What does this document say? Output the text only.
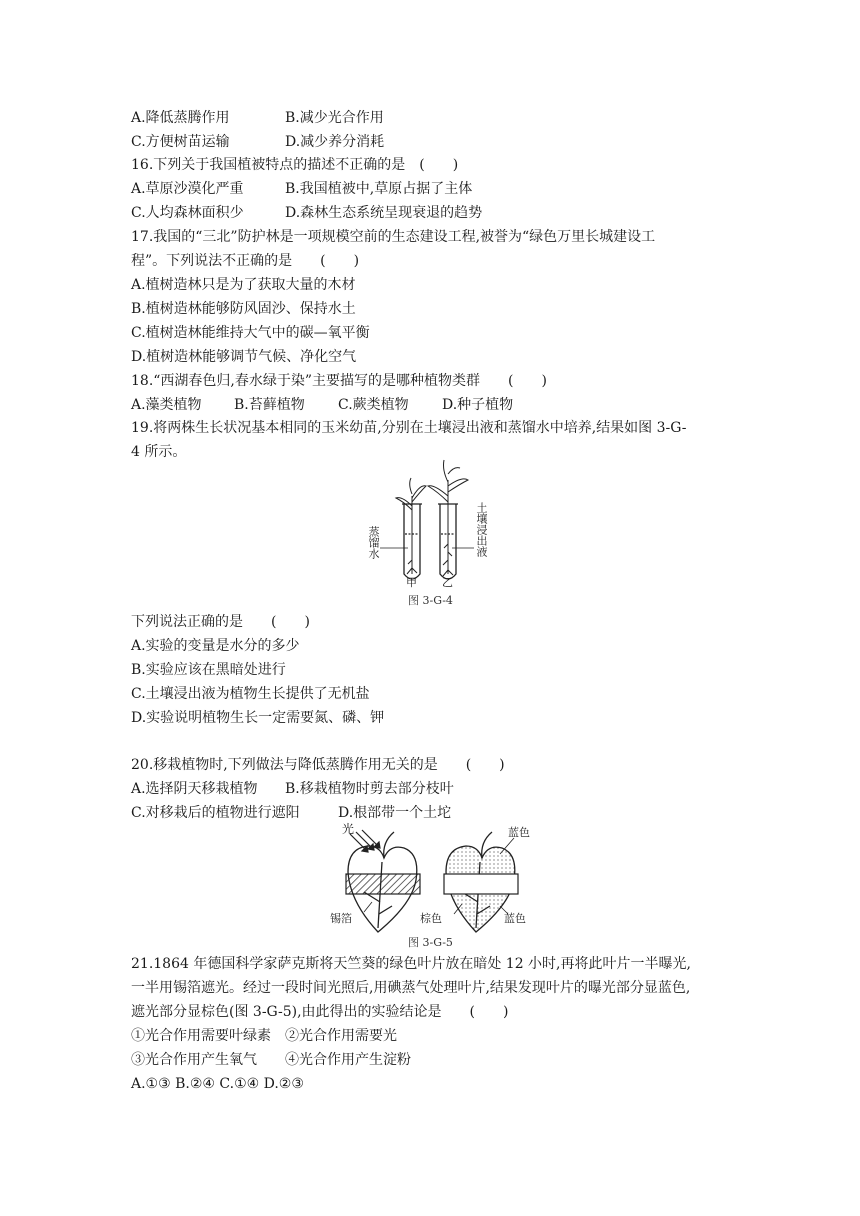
A.降低蒸腾作用	B.减少光合作用
C.方便树苗运输	D.减少养分消耗
16.下列关于我国植被特点的描述不正确的是　(　　)
A.草原沙漠化严重	B.我国植被中,草原占据了主体
C.人均森林面积少	D.森林生态系统呈现衰退的趋势
17.我国的“三北”防护林是一项规模空前的生态建设工程,被誉为“绿色万里长城建设工
程”。下列说法不正确的是　　(　　)
A.植树造林只是为了获取大量的木材
B.植树造林能够防风固沙、保持水土
C.植树造林能维持大气中的碳—氧平衡
D.植树造林能够调节气候、净化空气
18.“西湖春色归,春水绿于染”主要描写的是哪种植物类群　　(　　)
A.藻类植物 B.苔藓植物 C.蕨类植物 D.种子植物
19.将两株生长状况基本相同的玉米幼苗,分别在土壤浸出液和蒸馏水中培养,结果如图 3-G-
4 所示。
蒸馏水	土壤浸出液
甲 乙
图 3-G-4
下列说法正确的是　　(　　)
A.实验的变量是水分的多少
B.实验应该在黑暗处进行
C.土壤浸出液为植物生长提供了无机盐
D.实验说明植物生长一定需要氮、磷、钾
20.移栽植物时,下列做法与降低蒸腾作用无关的是　　(　　)
A.选择阴天移栽植物 B.移栽植物时剪去部分枝叶
C.对移栽后的植物进行遮阳	D.根部带一个土坨
光
锡箔
蓝色
棕色	蓝色
图 3-G-5
21.1864 年德国科学家萨克斯将天竺葵的绿色叶片放在暗处 12 小时,再将此叶片一半曝光,
一半用锡箔遮光。经过一段时间光照后,用碘蒸气处理叶片,结果发现叶片的曝光部分显蓝色,
遮光部分显棕色(图 3-G-5),由此得出的实验结论是　　(　　)
①光合作用需要叶绿素　②光合作用需要光
③光合作用产生氧气　　④光合作用产生淀粉
A.①③ B.②④ C.①④ D.②③
